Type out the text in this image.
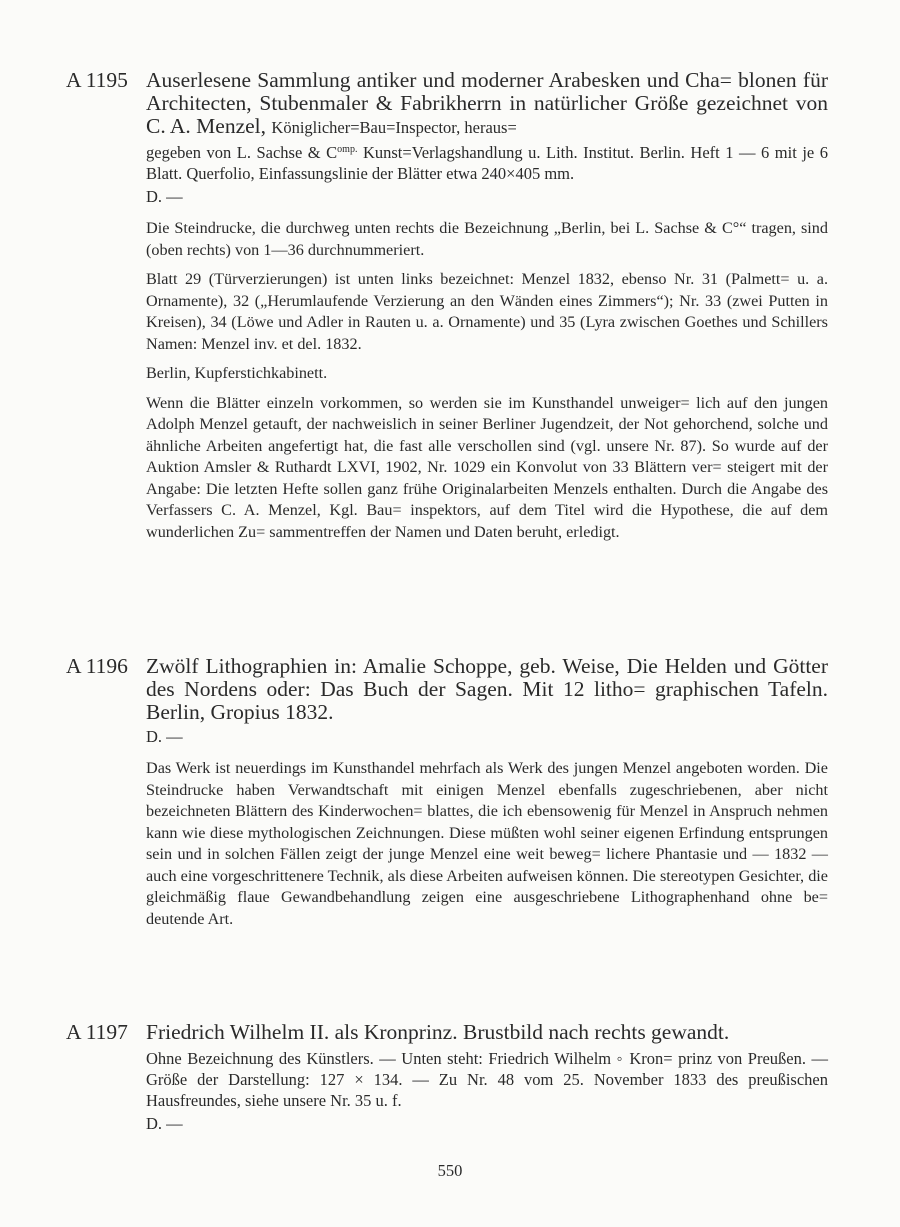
A 1195 Auserlesene Sammlung antiker und moderner Arabesken und Cha= blonen für Architecten, Stubenmaler & Fabrikherrn in natürlicher Größe gezeichnet von C. A. Menzel, Königlicher=Bau=Inspector, heraus=
gegeben von L. Sachse & $C^{omp.}$ Kunst=Verlagshandlung u. Lith. Institut. Berlin. Heft 1 — 6 mit je 6 Blatt. Querfolio, Einfassungslinie der Blätter etwa 240×405 mm.
D. —
Die Steindrucke, die durchweg unten rechts die Bezeichnung „Berlin, bei L. Sachse & C°“ tragen, sind (oben rechts) von 1—36 durchnummeriert.
Blatt 29 (Türverzierungen) ist unten links bezeichnet: Menzel 1832, ebenso Nr. 31 (Palmett= u. a. Ornamente), 32 („Herumlaufende Verzierung an den Wänden eines Zimmers“); Nr. 33 (zwei Putten in Kreisen), 34 (Löwe und Adler in Rauten u. a. Ornamente) und 35 (Lyra zwischen Goethes und Schillers Namen: Menzel inv. et del. 1832.
Berlin, Kupferstichkabinett.
Wenn die Blätter einzeln vorkommen, so werden sie im Kunsthandel unweiger= lich auf den jungen Adolph Menzel getauft, der nachweislich in seiner Berliner Jugendzeit, der Not gehorchend, solche und ähnliche Arbeiten angefertigt hat, die fast alle verschollen sind (vgl. unsere Nr. 87). So wurde auf der Auktion Amsler & Ruthardt LXVI, 1902, Nr. 1029 ein Konvolut von 33 Blättern ver= steigert mit der Angabe: Die letzten Hefte sollen ganz frühe Originalarbeiten Menzels enthalten. Durch die Angabe des Verfassers C. A. Menzel, Kgl. Bau= inspektors, auf dem Titel wird die Hypothese, die auf dem wunderlichen Zu= sammentreffen der Namen und Daten beruht, erledigt.
A 1196 Zwölf Lithographien in: Amalie Schoppe, geb. Weise, Die Helden und Götter des Nordens oder: Das Buch der Sagen. Mit 12 litho= graphischen Tafeln. Berlin, Gropius 1832.
D. —
Das Werk ist neuerdings im Kunsthandel mehrfach als Werk des jungen Menzel angeboten worden. Die Steindrucke haben Verwandtschaft mit einigen Menzel ebenfalls zugeschriebenen, aber nicht bezeichneten Blättern des Kinderwochen= blattes, die ich ebensowenig für Menzel in Anspruch nehmen kann wie diese mythologischen Zeichnungen. Diese müßten wohl seiner eigenen Erfindung entsprungen sein und in solchen Fällen zeigt der junge Menzel eine weit beweg= lichere Phantasie und — 1832 — auch eine vorgeschrittenere Technik, als diese Arbeiten aufweisen können. Die stereotypen Gesichter, die gleichmäßig flaue Gewandbehandlung zeigen eine ausgeschriebene Lithographenhand ohne be= deutende Art.
A 1197 Friedrich Wilhelm II. als Kronprinz. Brustbild nach rechts gewandt.
Ohne Bezeichnung des Künstlers. — Unten steht: Friedrich Wilhelm ◦ Kron= prinz von Preußen. — Größe der Darstellung: 127 × 134. — Zu Nr. 48 vom 25. November 1833 des preußischen Hausfreundes, siehe unsere Nr. 35 u. f.
D. —
550
